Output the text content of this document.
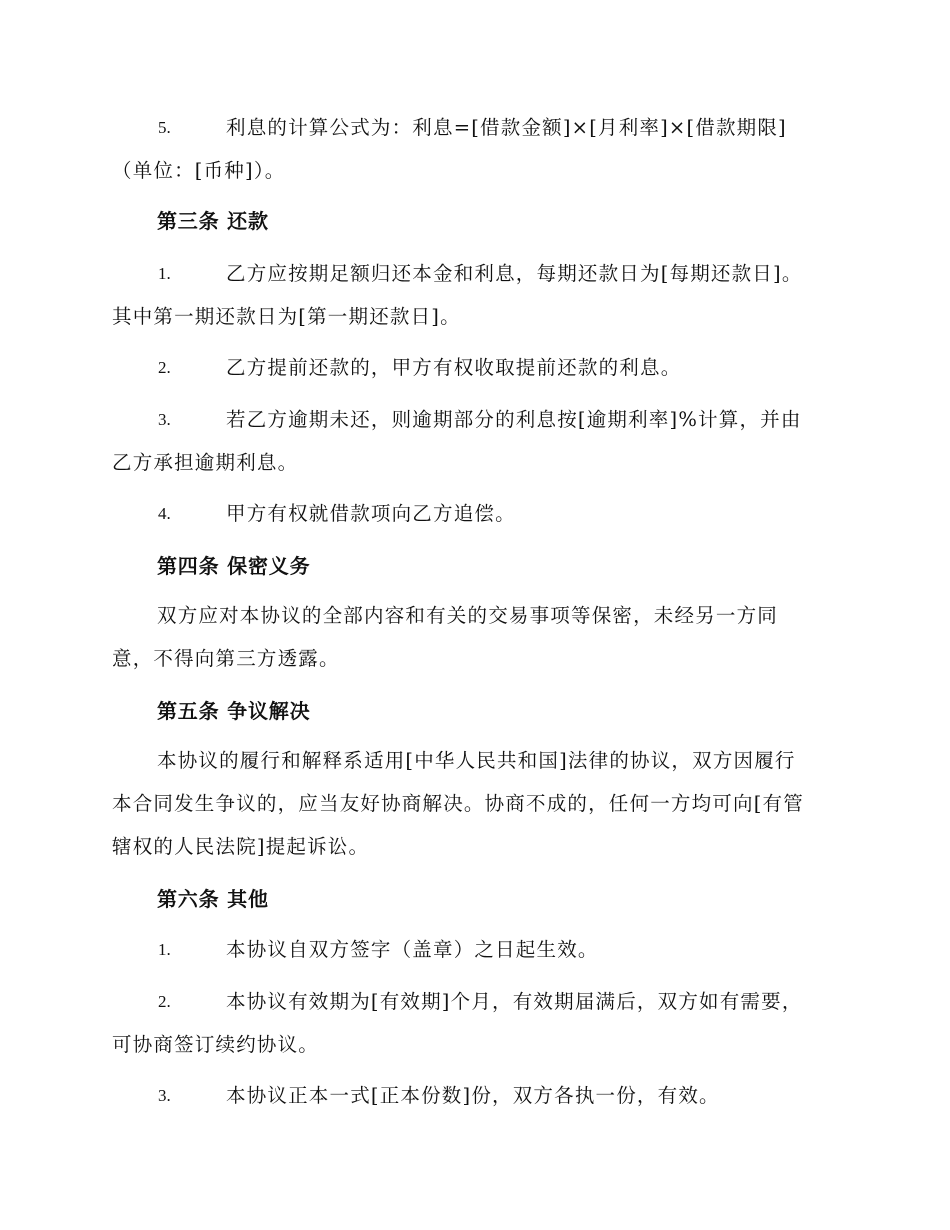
5.	利息的计算公式为：利息=[借款金额]×[月利率]×[借款期限]
（单位：[币种]）。
第三条 还款
1.	乙方应按期足额归还本金和利息，每期还款日为[每期还款日]。
其中第一期还款日为[第一期还款日]。
2.	乙方提前还款的，甲方有权收取提前还款的利息。
3.	若乙方逾期未还，则逾期部分的利息按[逾期利率]%计算，并由
乙方承担逾期利息。
4.	甲方有权就借款项向乙方追偿。
第四条 保密义务
双方应对本协议的全部内容和有关的交易事项等保密，未经另一方同
意，不得向第三方透露。
第五条 争议解决
本协议的履行和解释系适用[中华人民共和国]法律的协议，双方因履行
本合同发生争议的，应当友好协商解决。协商不成的，任何一方均可向[有管
辖权的人民法院]提起诉讼。
第六条 其他
1.	本协议自双方签字（盖章）之日起生效。
2.	本协议有效期为[有效期]个月，有效期届满后，双方如有需要，
可协商签订续约协议。
3.	本协议正本一式[正本份数]份，双方各执一份，有效。
